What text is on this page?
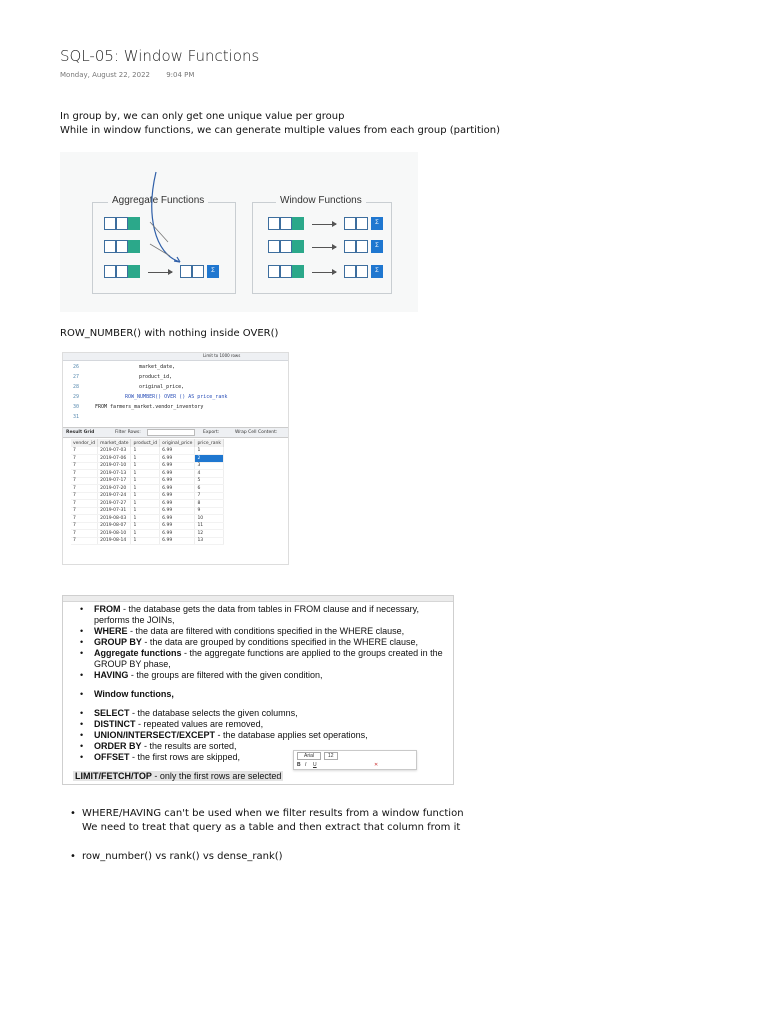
SQL-05: Window Functions
Monday, August 22, 2022 9:04 PM
In group by, we can only get one unique value per group
While in window functions, we can generate multiple values from each group (partition)
Aggregate Functions	Window Functions
Σ
Σ
Σ
Σ
ROW_NUMBER() with nothing inside OVER()
Limit to 1000 rows
26	market_date,
27	product_id,
28	original_price,
29	ROW_NUMBER() OVER () AS price_rank
30	FROM farmers_market.vendor_inventory
31
Result Grid	Filter Rows:	Export:	Wrap Cell Content:
vendor_id	market_date	product_id	original_price	price_rank
7	2019-07-03	1	6.99	1
7	2019-07-06	1	6.99	2
7	2019-07-10	1	6.99	3
7	2019-07-13	1	6.99	4
7	2019-07-17	1	6.99	5
7	2019-07-20	1	6.99	6
7	2019-07-24	1	6.99	7
7	2019-07-27	1	6.99	8
7	2019-07-31	1	6.99	9
7	2019-08-03	1	6.99	10
7	2019-08-07	1	6.99	11
7	2019-08-10	1	6.99	12
7	2019-08-14	1	6.99	13
• FROM - the database gets the data from tables in FROM clause and if necessary, performs the JOINs,
• WHERE - the data are filtered with conditions specified in the WHERE clause,
• GROUP BY - the data are grouped by conditions specified in the WHERE clause,
• Aggregate functions - the aggregate functions are applied to the groups created in the GROUP BY phase,
• HAVING - the groups are filtered with the given condition,
• Window functions,
• SELECT - the database selects the given columns,
• DISTINCT - repeated values are removed,
• UNION/INTERSECT/EXCEPT - the database applies set operations,
• ORDER BY - the results are sorted,
• OFFSET - the first rows are skipped,	Arial	12
B I U	✕
LIMIT/FETCH/TOP - only the first rows are selected
• WHERE/HAVING can't be used when we filter results from a window function
We need to treat that query as a table and then extract that column from it
• row_number() vs rank() vs dense_rank()
